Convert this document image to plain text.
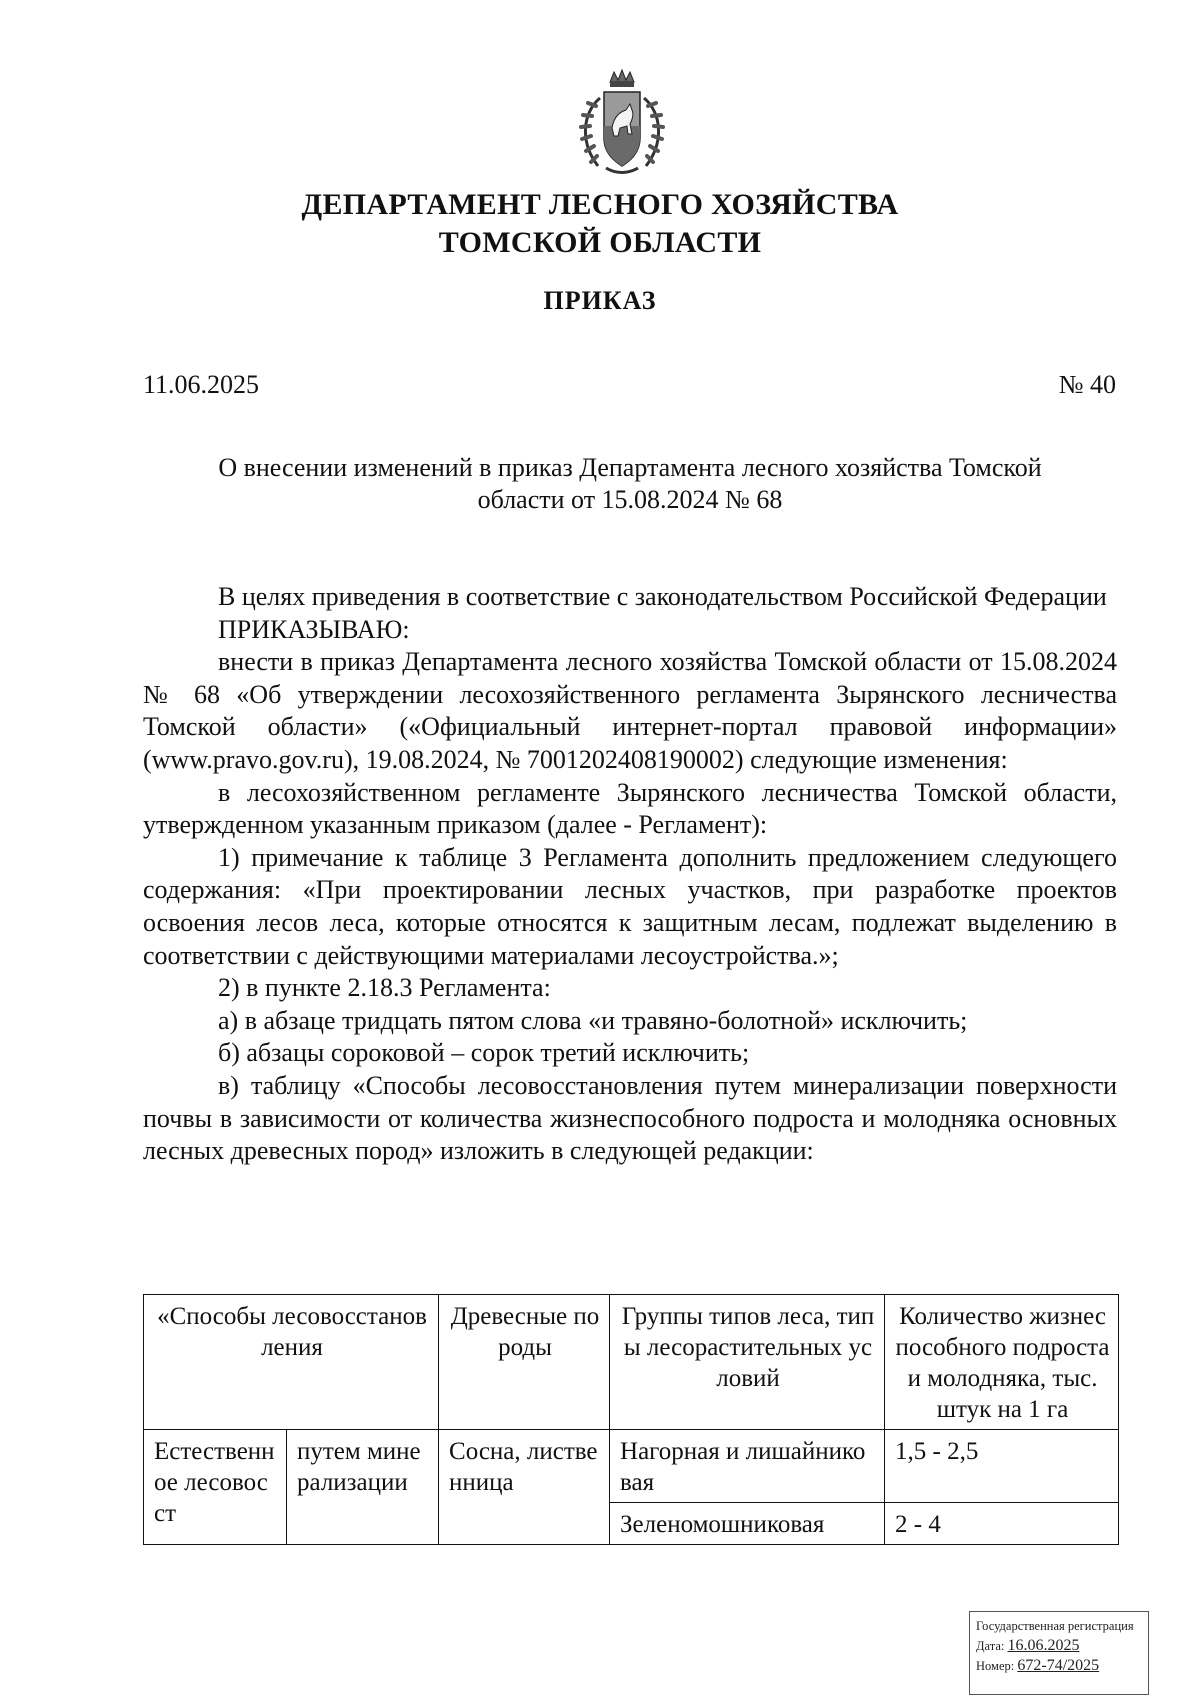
ДЕПАРТАМЕНТ ЛЕСНОГО ХОЗЯЙСТВА
ТОМСКОЙ ОБЛАСТИ
ПРИКАЗ
11.06.2025	№ 40
О внесении изменений в приказ Департамента лесного хозяйства Томской
области от 15.08.2024 № 68

В целях приведения в соответствие с законодательством Российской Федерации

ПРИКАЗЫВАЮ:

внести в приказ Департамента лесного хозяйства Томской области от 15.08.2024 № 68 «Об утверждении лесохозяйственного регламента Зырянского лесничества Томской области» («Официальный интернет-портал правовой информации» (www.pravo.gov.ru), 19.08.2024, № 7001202408190002) следующие изменения:

в лесохозяйственном регламенте Зырянского лесничества Томской области, утвержденном указанным приказом (далее - Регламент):

1) примечание к таблице 3 Регламента дополнить предложением следующего содержания: «При проектировании лесных участков, при разработке проектов освоения лесов леса, которые относятся к защитным лесам, подлежат выделению в соответствии с действующими материалами лесоустройства.»;

2) в пункте 2.18.3 Регламента:

а) в абзаце тридцать пятом слова «и травяно-болотной» исключить;

б) абзацы сороковой – сорок третий исключить;

в) таблицу «Способы лесовосстановления путем минерализации поверхности почвы в зависимости от количества жизнеспособного подроста и молодняка основных лесных древесных пород» изложить в следующей редакции:

«Способы лесовосстановления		Древесные породы	Группы типов леса, типы лесорастительных условий	Количество жизнеспособного подроста и молодняка, тыс. штук на 1 га
Естественное лесовосст	путем минерализации	Сосна, лиственница	Нагорная и лишайниковая	1,5 - 2,5
			Зеленомошниковая	2 - 4
Государственная регистрация
Дата: 16.06.2025
Номер: 672-74/2025
